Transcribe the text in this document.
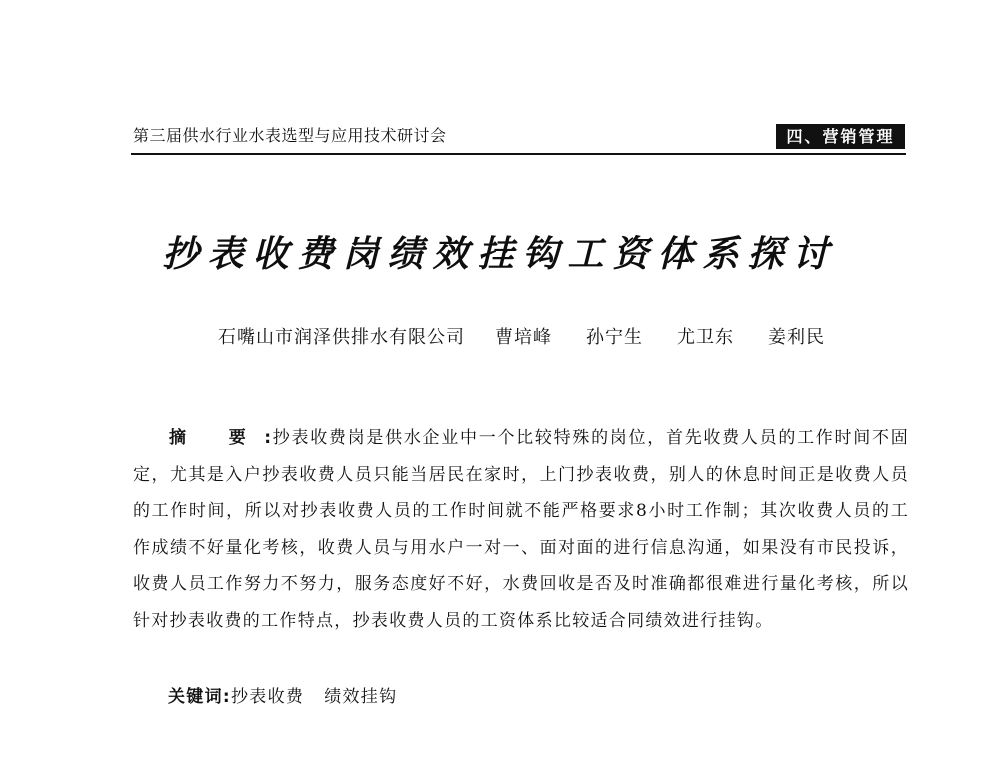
第三届供水行业水表选型与应用技术研讨会	四、营销管理
抄表收费岗绩效挂钩工资体系探讨
石嘴山市润泽供排水有限公司 曹培峰 孙宁生 尤卫东 姜利民
摘 要:抄表收费岗是供水企业中一个比较特殊的岗位，首先收费人员的工作时间不固定，尤其是入户抄表收费人员只能当居民在家时，上门抄表收费，别人的休息时间正是收费人员的工作时间，所以对抄表收费人员的工作时间就不能严格要求8小时工作制；其次收费人员的工作成绩不好量化考核，收费人员与用水户一对一、面对面的进行信息沟通，如果没有市民投诉，收费人员工作努力不努力，服务态度好不好，水费回收是否及时准确都很难进行量化考核，所以针对抄表收费的工作特点，抄表收费人员的工资体系比较适合同绩效进行挂钩。
关键词:抄表收费 绩效挂钩
